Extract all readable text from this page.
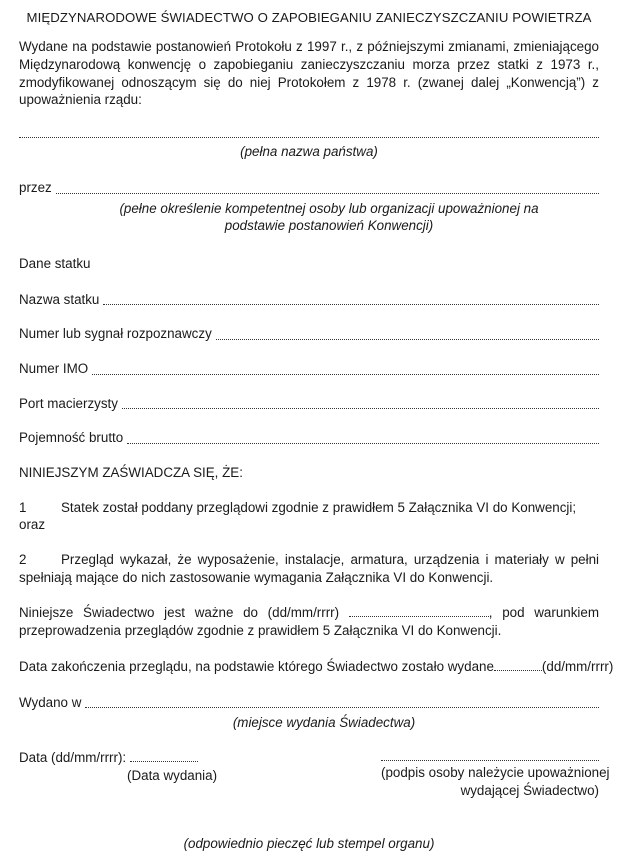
MIĘDZYNARODOWE ŚWIADECTWO O ZAPOBIEGANIU ZANIECZYSZCZANIU POWIETRZA

Wydane na podstawie postanowień Protokołu z 1997 r., z późniejszymi zmianami, zmieniającego Międzynarodową konwencję o zapobieganiu zanieczyszczaniu morza przez statki z 1973 r., zmodyfikowanej odnoszącym się do niej Protokołem z 1978 r. (zwanej dalej „Konwencją”) z upoważnienia rządu:

(pełna nazwa państwa)
przez
(pełne określenie kompetentnej osoby lub organizacji upoważnionej na podstawie postanowień Konwencji)
Dane statku
Nazwa statku
Numer lub sygnał rozpoznawczy
Numer IMO
Port macierzysty
Pojemność brutto
NINIEJSZYM ZAŚWIADCZA SIĘ, ŻE:
1	Statek został poddany przeglądowi zgodnie z prawidłem 5 Załącznika VI do Konwencji; oraz

2	Przegląd wykazał, że wyposażenie, instalacje, armatura, urządzenia i materiały w pełni spełniają mające do nich zastosowanie wymagania Załącznika VI do Konwencji.

Niniejsze Świadectwo jest ważne do (dd/mm/rrrr)	, pod warunkiem przeprowadzenia przeglądów zgodnie z prawidłem 5 Załącznika VI do Konwencji.

Data zakończenia przeglądu, na podstawie którego Świadectwo zostało wydane	(dd/mm/rrrr)
Wydano w
(miejsce wydania Świadectwa)
Data (dd/mm/rrrr):
(Data wydania)	(podpis osoby należycie upoważnionej
wydającej Świadectwo)
(odpowiednio pieczęć lub stempel organu)
